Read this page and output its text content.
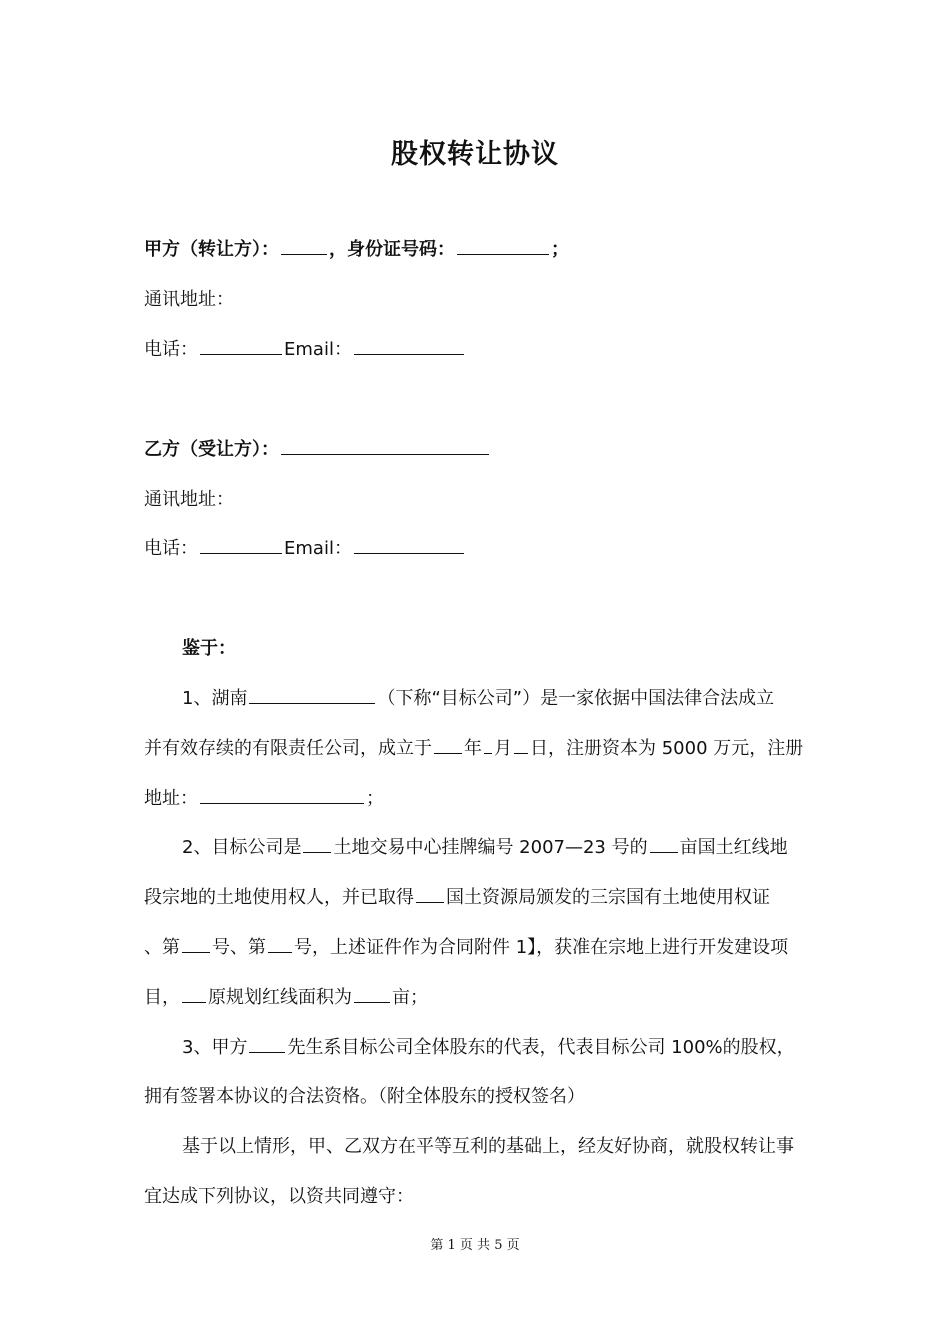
股权转让协议
甲方（转让方）：	，身份证号码：	；
通讯地址：
电话：	Email：
乙方（受让方）：
通讯地址：
电话：	Email：
鉴于：
1、湖南	（下称“目标公司”）是一家依据中国法律合法成立
并有效存续的有限责任公司，成立于 年 月 日，注册资本为 5000 万元，注册
地址：	；
2、目标公司是 土地交易中心挂牌编号 2007—23 号的 亩国土红线地
段宗地的土地使用权人，并已取得 国土资源局颁发的三宗国有土地使用权证
、第 号、第 号，上述证件作为合同附件 1】，获准在宗地上进行开发建设项
目， 原规划红线面积为 亩；
3、甲方 先生系目标公司全体股东的代表，代表目标公司 100%的股权，
拥有签署本协议的合法资格。（附全体股东的授权签名）
基于以上情形，甲、乙双方在平等互利的基础上，经友好协商，就股权转让事
宜达成下列协议，以资共同遵守：
第 1 页 共 5 页
